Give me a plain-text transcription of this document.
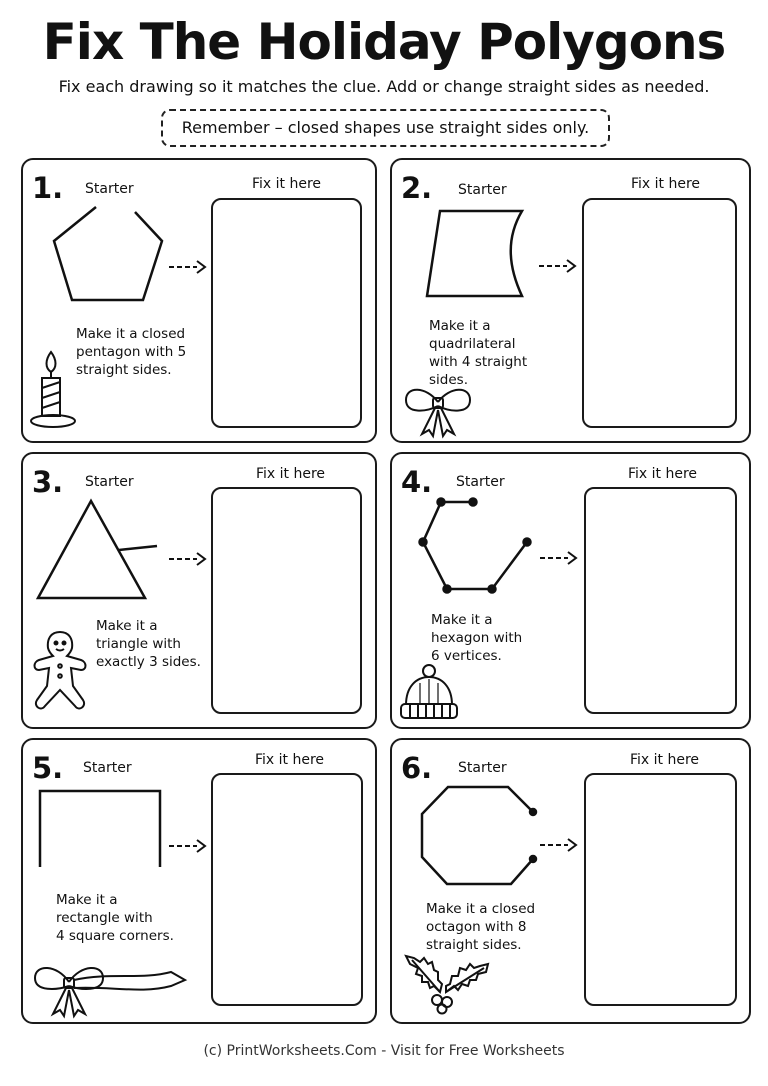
Fix The Holiday Polygons
Fix each drawing so it matches the clue. Add or change straight sides as needed.
Remember – closed shapes use straight sides only.
1. Starter	Fix it here
Make it a closed
pentagon with 5
straight sides.
2. Starter	Fix it here
Make it a
quadrilateral
with 4 straight
sides.
3. Starter	Fix it here
Make it a
triangle with
exactly 3 sides.
4. Starter	Fix it here
Make it a
hexagon with
6 vertices.
5. Starter	Fix it here
Make it a
rectangle with
4 square corners.
6. Starter	Fix it here
Make it a closed
octagon with 8
straight sides.
(c) PrintWorksheets.Com - Visit for Free Worksheets
